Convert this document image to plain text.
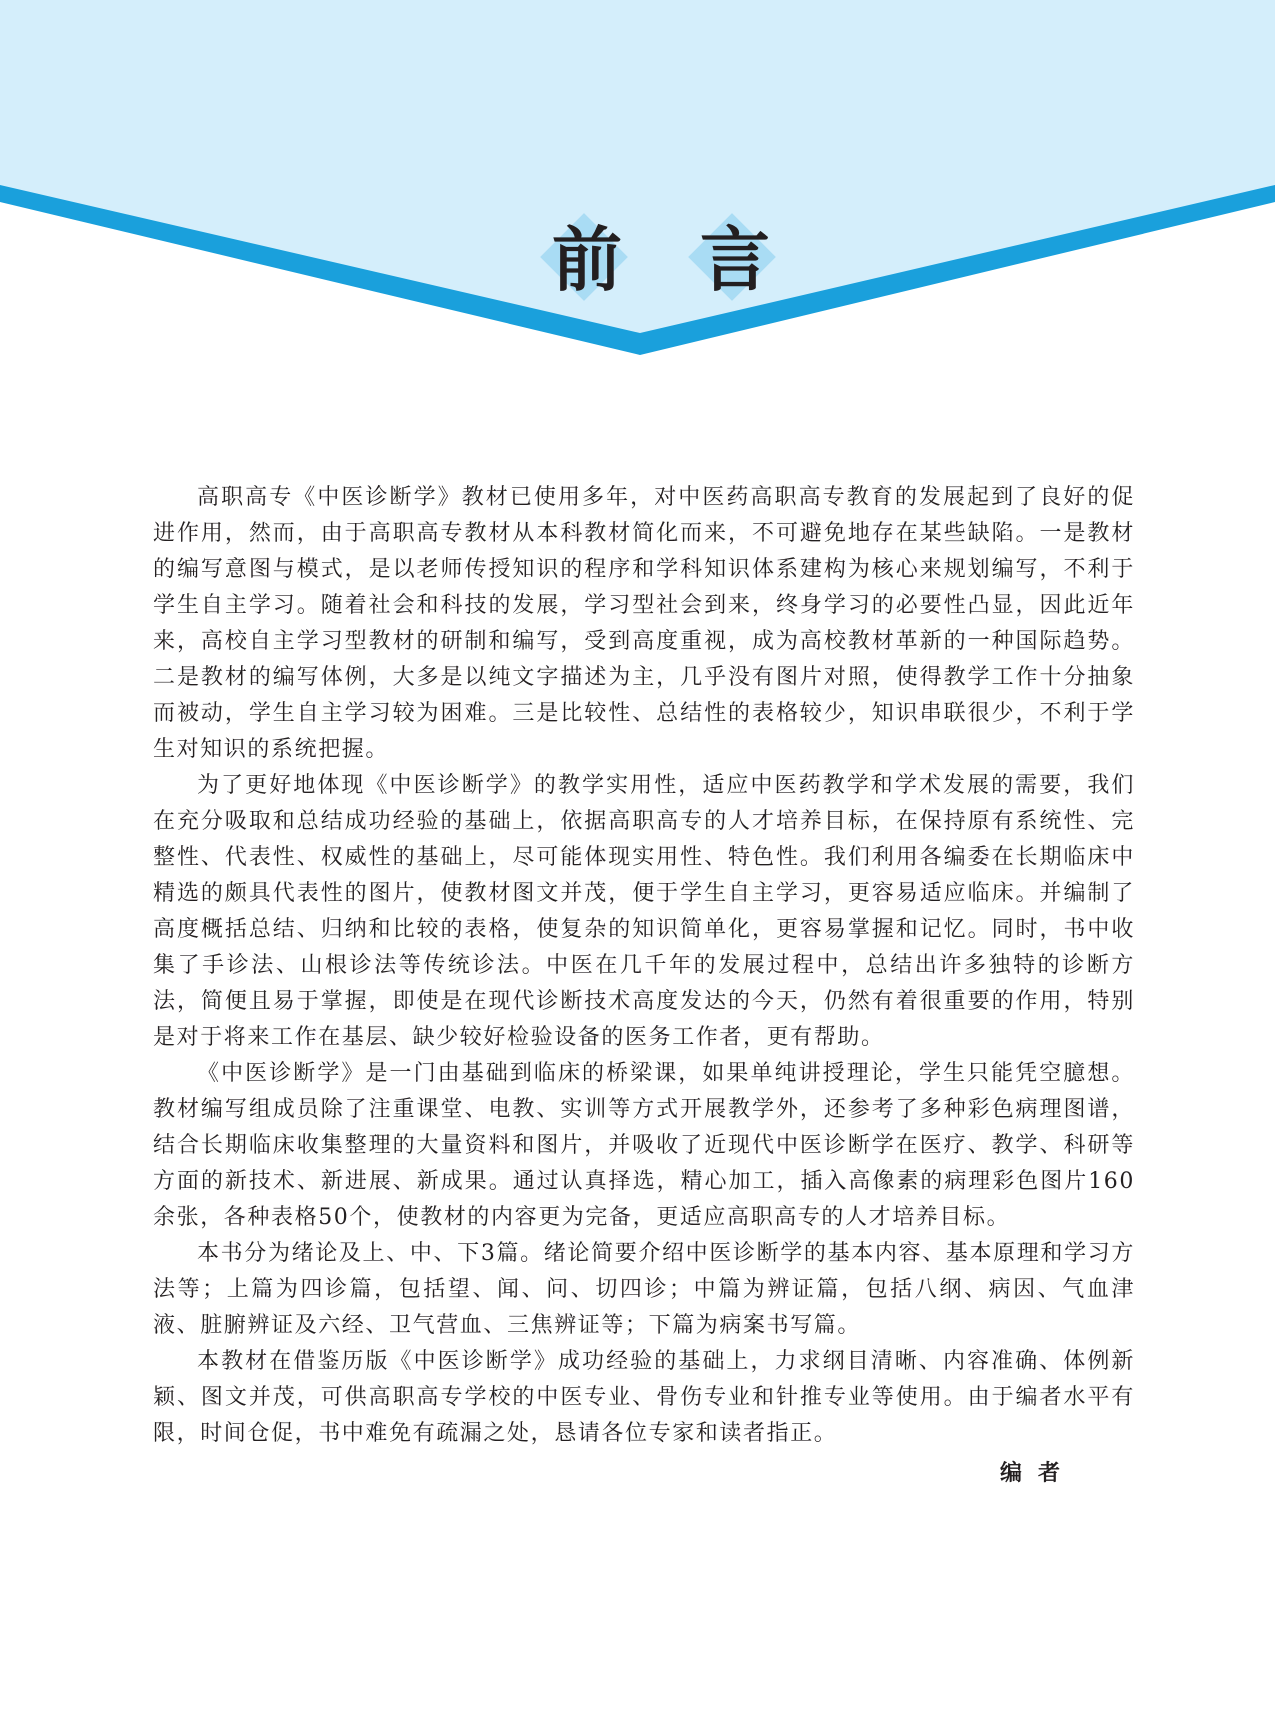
前	言

高职高专《中医诊断学》教材已使用多年，对中医药高职高专教育的发展起到了良好的促进作用，然而，由于高职高专教材从本科教材简化而来，不可避免地存在某些缺陷。一是教材的编写意图与模式，是以老师传授知识的程序和学科知识体系建构为核心来规划编写，不利于学生自主学习。随着社会和科技的发展，学习型社会到来，终身学习的必要性凸显，因此近年来，高校自主学习型教材的研制和编写，受到高度重视，成为高校教材革新的一种国际趋势。二是教材的编写体例，大多是以纯文字描述为主，几乎没有图片对照，使得教学工作十分抽象而被动，学生自主学习较为困难。三是比较性、总结性的表格较少，知识串联很少，不利于学生对知识的系统把握。

为了更好地体现《中医诊断学》的教学实用性，适应中医药教学和学术发展的需要，我们在充分吸取和总结成功经验的基础上，依据高职高专的人才培养目标，在保持原有系统性、完整性、代表性、权威性的基础上，尽可能体现实用性、特色性。我们利用各编委在长期临床中精选的颇具代表性的图片，使教材图文并茂，便于学生自主学习，更容易适应临床。并编制了高度概括总结、归纳和比较的表格，使复杂的知识简单化，更容易掌握和记忆。同时，书中收集了手诊法、山根诊法等传统诊法。中医在几千年的发展过程中，总结出许多独特的诊断方法，简便且易于掌握，即使是在现代诊断技术高度发达的今天，仍然有着很重要的作用，特别是对于将来工作在基层、缺少较好检验设备的医务工作者，更有帮助。

《中医诊断学》是一门由基础到临床的桥梁课，如果单纯讲授理论，学生只能凭空臆想。教材编写组成员除了注重课堂、电教、实训等方式开展教学外，还参考了多种彩色病理图谱，结合长期临床收集整理的大量资料和图片，并吸收了近现代中医诊断学在医疗、教学、科研等方面的新技术、新进展、新成果。通过认真择选，精心加工，插入高像素的病理彩色图片160余张，各种表格50个，使教材的内容更为完备，更适应高职高专的人才培养目标。

本书分为绪论及上、中、下3篇。绪论简要介绍中医诊断学的基本内容、基本原理和学习方法等；上篇为四诊篇，包括望、闻、问、切四诊；中篇为辨证篇，包括八纲、病因、气血津液、脏腑辨证及六经、卫气营血、三焦辨证等；下篇为病案书写篇。

本教材在借鉴历版《中医诊断学》成功经验的基础上，力求纲目清晰、内容准确、体例新颖、图文并茂，可供高职高专学校的中医专业、骨伤专业和针推专业等使用。由于编者水平有限，时间仓促，书中难免有疏漏之处，恳请各位专家和读者指正。

编者
